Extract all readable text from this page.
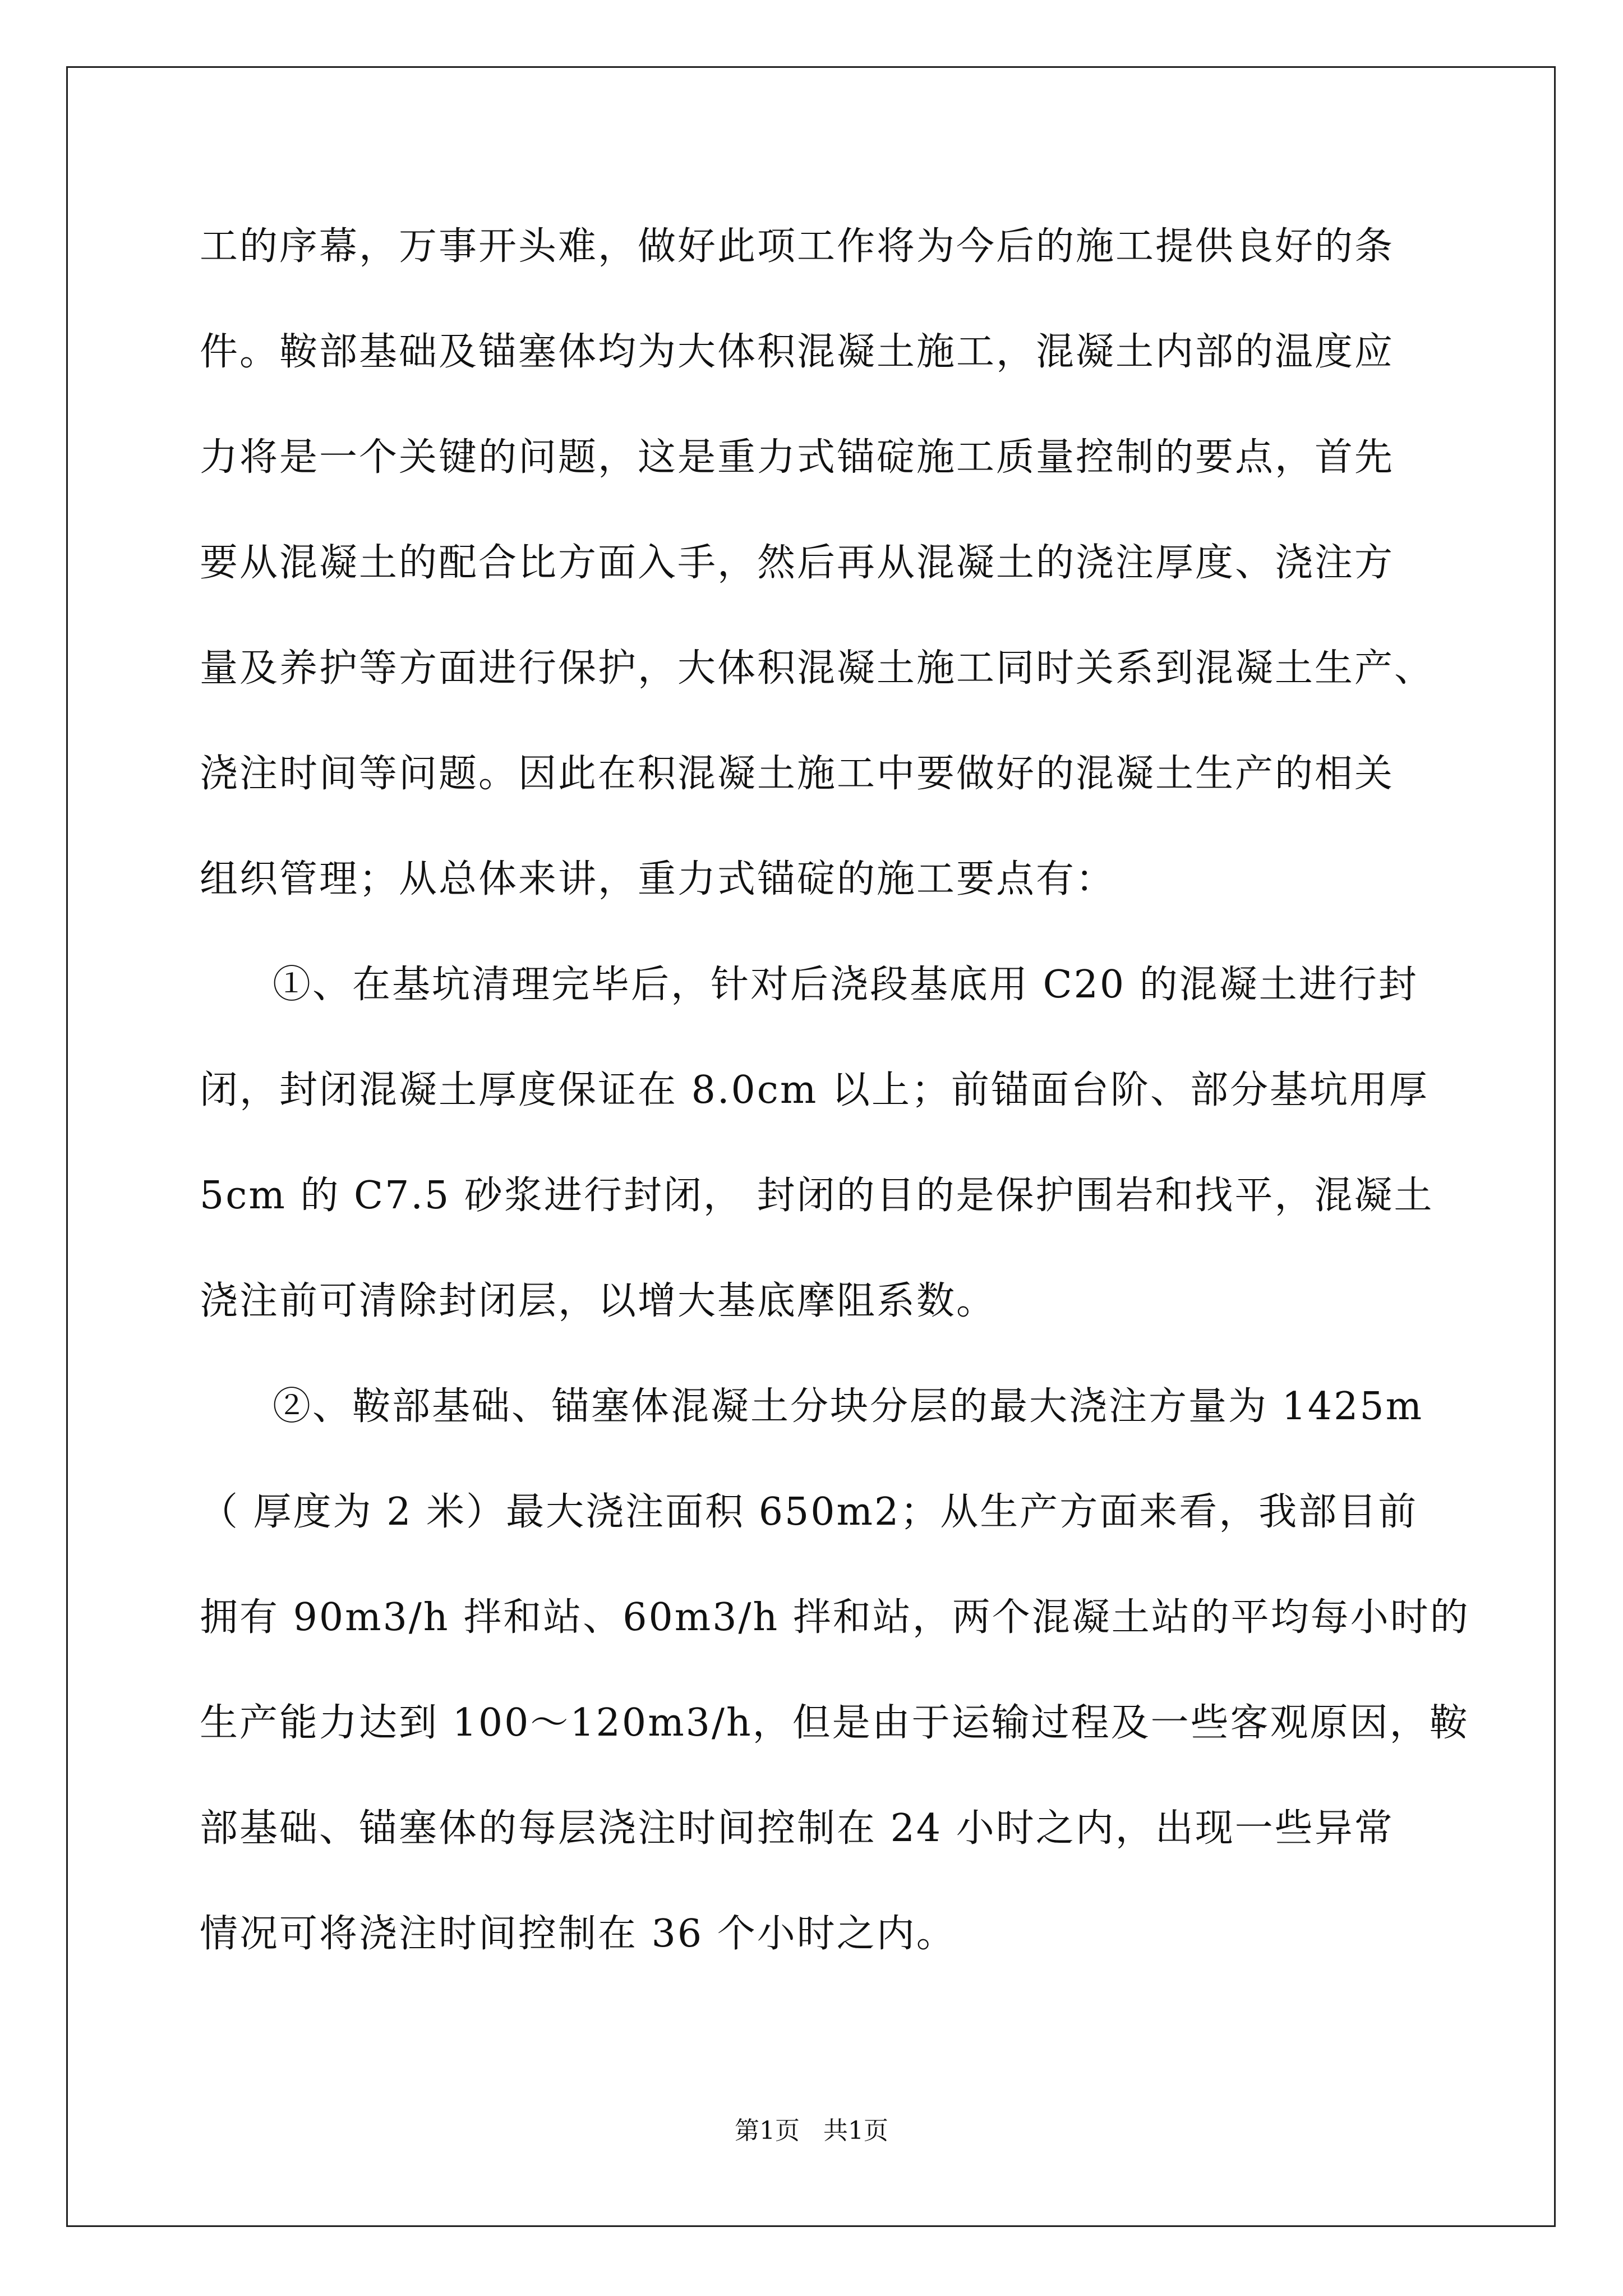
工的序幕，万事开头难，做好此项工作将为今后的施工提供良好的条
件。鞍部基础及锚塞体均为大体积混凝土施工，混凝土内部的温度应
力将是一个关键的问题，这是重力式锚碇施工质量控制的要点，首先
要从混凝土的配合比方面入手，然后再从混凝土的浇注厚度、浇注方
量及养护等方面进行保护，大体积混凝土施工同时关系到混凝土生产、
浇注时间等问题。因此在积混凝土施工中要做好的混凝土生产的相关
组织管理；从总体来讲，重力式锚碇的施工要点有：
①、在基坑清理完毕后，针对后浇段基底用 C20 的混凝土进行封
闭，封闭混凝土厚度保证在 8.0cm 以上；前锚面台阶、部分基坑用厚
5cm 的 C7.5 砂浆进行封闭， 封闭的目的是保护围岩和找平，混凝土
浇注前可清除封闭层，以增大基底摩阻系数。
②、鞍部基础、锚塞体混凝土分块分层的最大浇注方量为 1425m
（ 厚度为 2 米）最大浇注面积 650m2；从生产方面来看，我部目前
拥有 90m3/h 拌和站、60m3/h 拌和站，两个混凝土站的平均每小时的
生产能力达到 100～120m3/h，但是由于运输过程及一些客观原因，鞍
部基础、锚塞体的每层浇注时间控制在 24 小时之内，出现一些异常
情况可将浇注时间控制在 36 个小时之内。
第1页   共1页
